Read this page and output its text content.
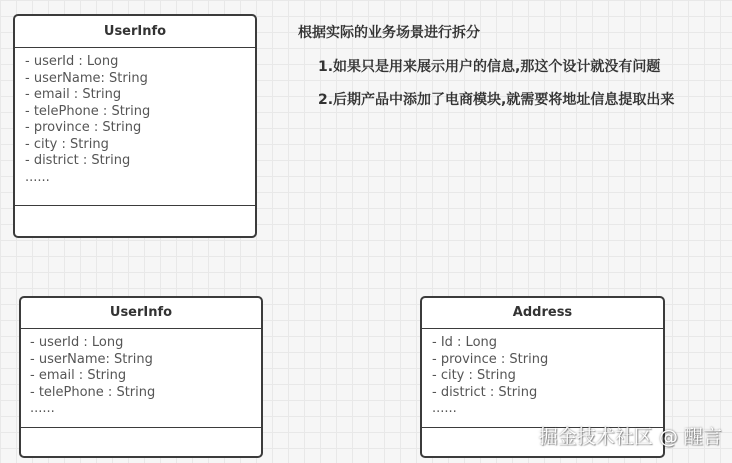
UserInfo
- userId : Long
- userName: String
- email : String
- telePhone : String
- province : String
- city : String
- district : String
......
根据实际的业务场景进行拆分
1.如果只是用来展示用户的信息,那这个设计就没有问题
2.后期产品中添加了电商模块,就需要将地址信息提取出来
UserInfo
- userId : Long
- userName: String
- email : String
- telePhone : String
......
Address
- Id : Long
- province : String
- city : String
- district : String
......
掘金技术社区 @ 醒言
